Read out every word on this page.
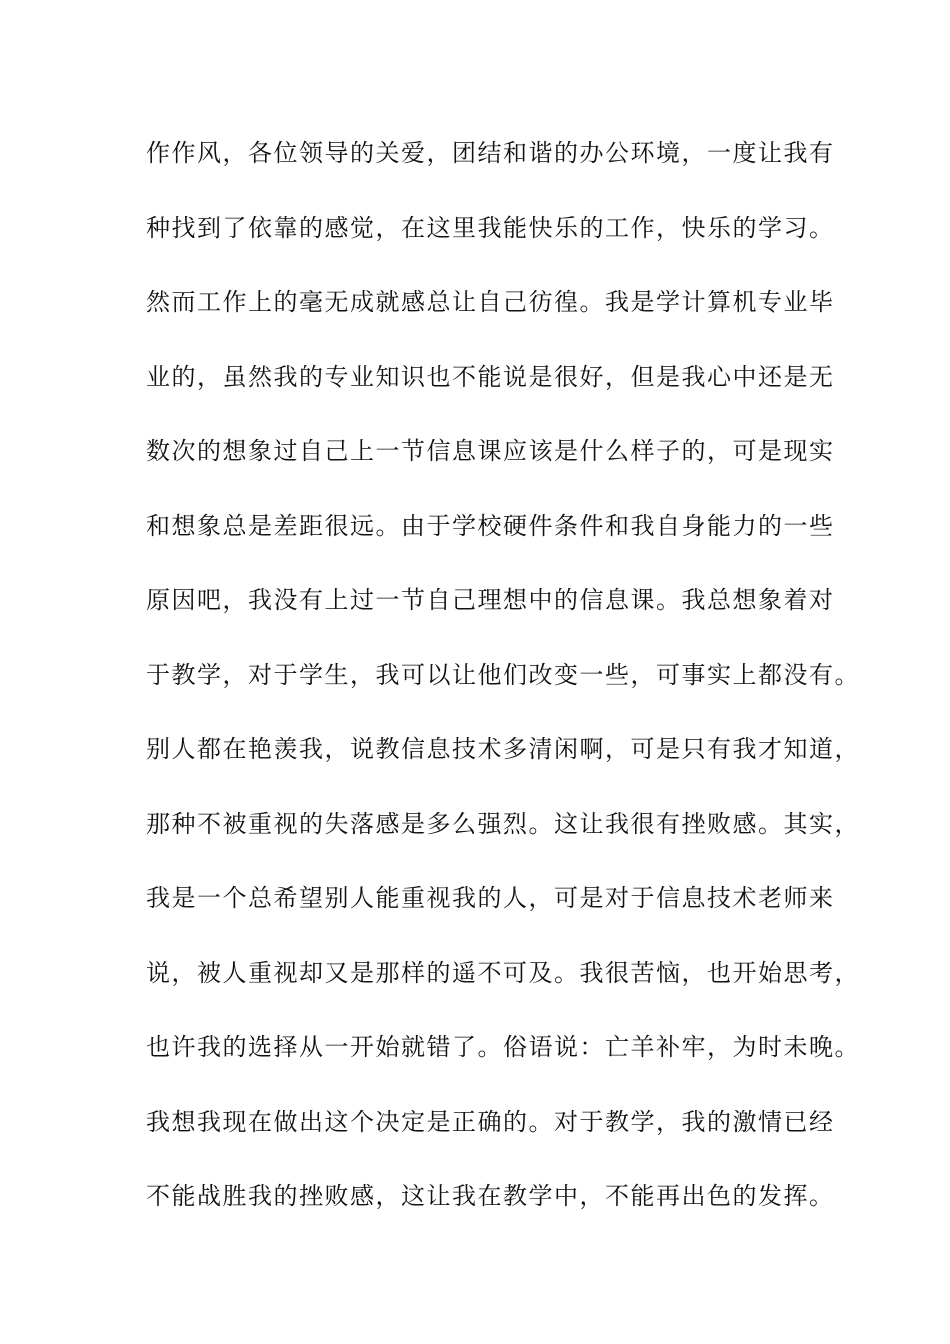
作作风，各位领导的关爱，团结和谐的办公环境，一度让我有
种找到了依靠的感觉，在这里我能快乐的工作，快乐的学习。
然而工作上的毫无成就感总让自己彷徨。我是学计算机专业毕
业的，虽然我的专业知识也不能说是很好，但是我心中还是无
数次的想象过自己上一节信息课应该是什么样子的，可是现实
和想象总是差距很远。由于学校硬件条件和我自身能力的一些
原因吧，我没有上过一节自己理想中的信息课。我总想象着对
于教学，对于学生，我可以让他们改变一些，可事实上都没有。
别人都在艳羡我，说教信息技术多清闲啊，可是只有我才知道，
那种不被重视的失落感是多么强烈。这让我很有挫败感。其实，
我是一个总希望别人能重视我的人，可是对于信息技术老师来
说，被人重视却又是那样的遥不可及。我很苦恼，也开始思考，
也许我的选择从一开始就错了。俗语说：亡羊补牢，为时未晚。
我想我现在做出这个决定是正确的。对于教学，我的激情已经
不能战胜我的挫败感，这让我在教学中，不能再出色的发挥。
